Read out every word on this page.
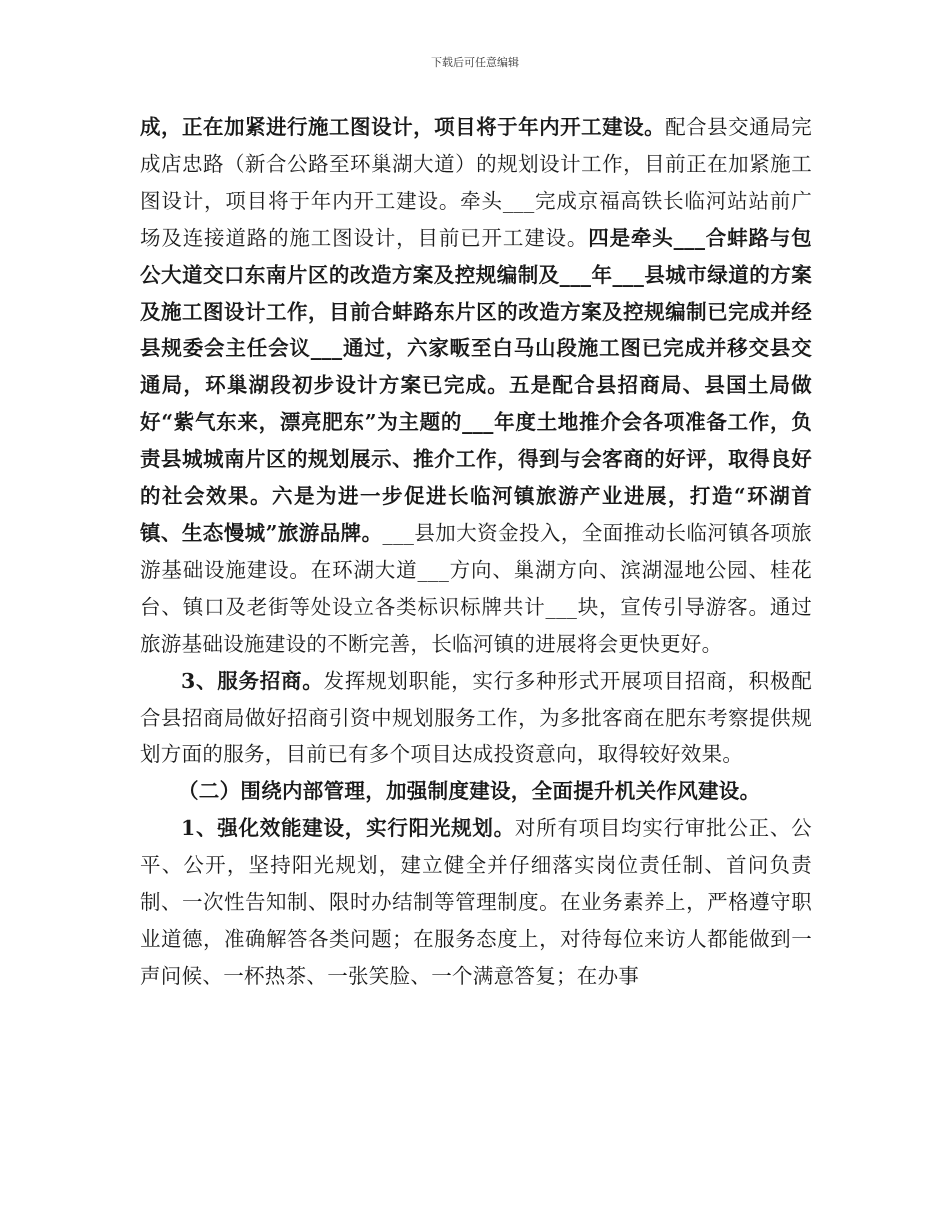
下载后可任意编辑

成，正在加紧进行施工图设计，项目将于年内开工建设。配合县交通局完成店忠路（新合公路至环巢湖大道）的规划设计工作，目前正在加紧施工图设计，项目将于年内开工建设。牵头___完成京福高铁长临河站站前广场及连接道路的施工图设计，目前已开工建设。四是牵头___合蚌路与包公大道交口东南片区的改造方案及控规编制及___年___县城市绿道的方案及施工图设计工作，目前合蚌路东片区的改造方案及控规编制已完成并经县规委会主任会议___通过，六家畈至白马山段施工图已完成并移交县交通局，环巢湖段初步设计方案已完成。五是配合县招商局、县国土局做好“紫气东来，漂亮肥东”为主题的___年度土地推介会各项准备工作，负责县城城南片区的规划展示、推介工作，得到与会客商的好评，取得良好的社会效果。六是为进一步促进长临河镇旅游产业进展，打造“环湖首镇、生态慢城”旅游品牌。___县加大资金投入，全面推动长临河镇各项旅游基础设施建设。在环湖大道___方向、巢湖方向、滨湖湿地公园、桂花台、镇口及老街等处设立各类标识标牌共计___块，宣传引导游客。通过旅游基础设施建设的不断完善，长临河镇的进展将会更快更好。

3、服务招商。发挥规划职能，实行多种形式开展项目招商，积极配合县招商局做好招商引资中规划服务工作，为多批客商在肥东考察提供规划方面的服务，目前已有多个项目达成投资意向，取得较好效果。

（二）围绕内部管理，加强制度建设，全面提升机关作风建设。

1、强化效能建设，实行阳光规划。对所有项目均实行审批公正、公平、公开，坚持阳光规划，建立健全并仔细落实岗位责任制、首问负责制、一次性告知制、限时办结制等管理制度。在业务素养上，严格遵守职业道德，准确解答各类问题；在服务态度上，对待每位来访人都能做到一声问候、一杯热茶、一张笑脸、一个满意答复；在办事
